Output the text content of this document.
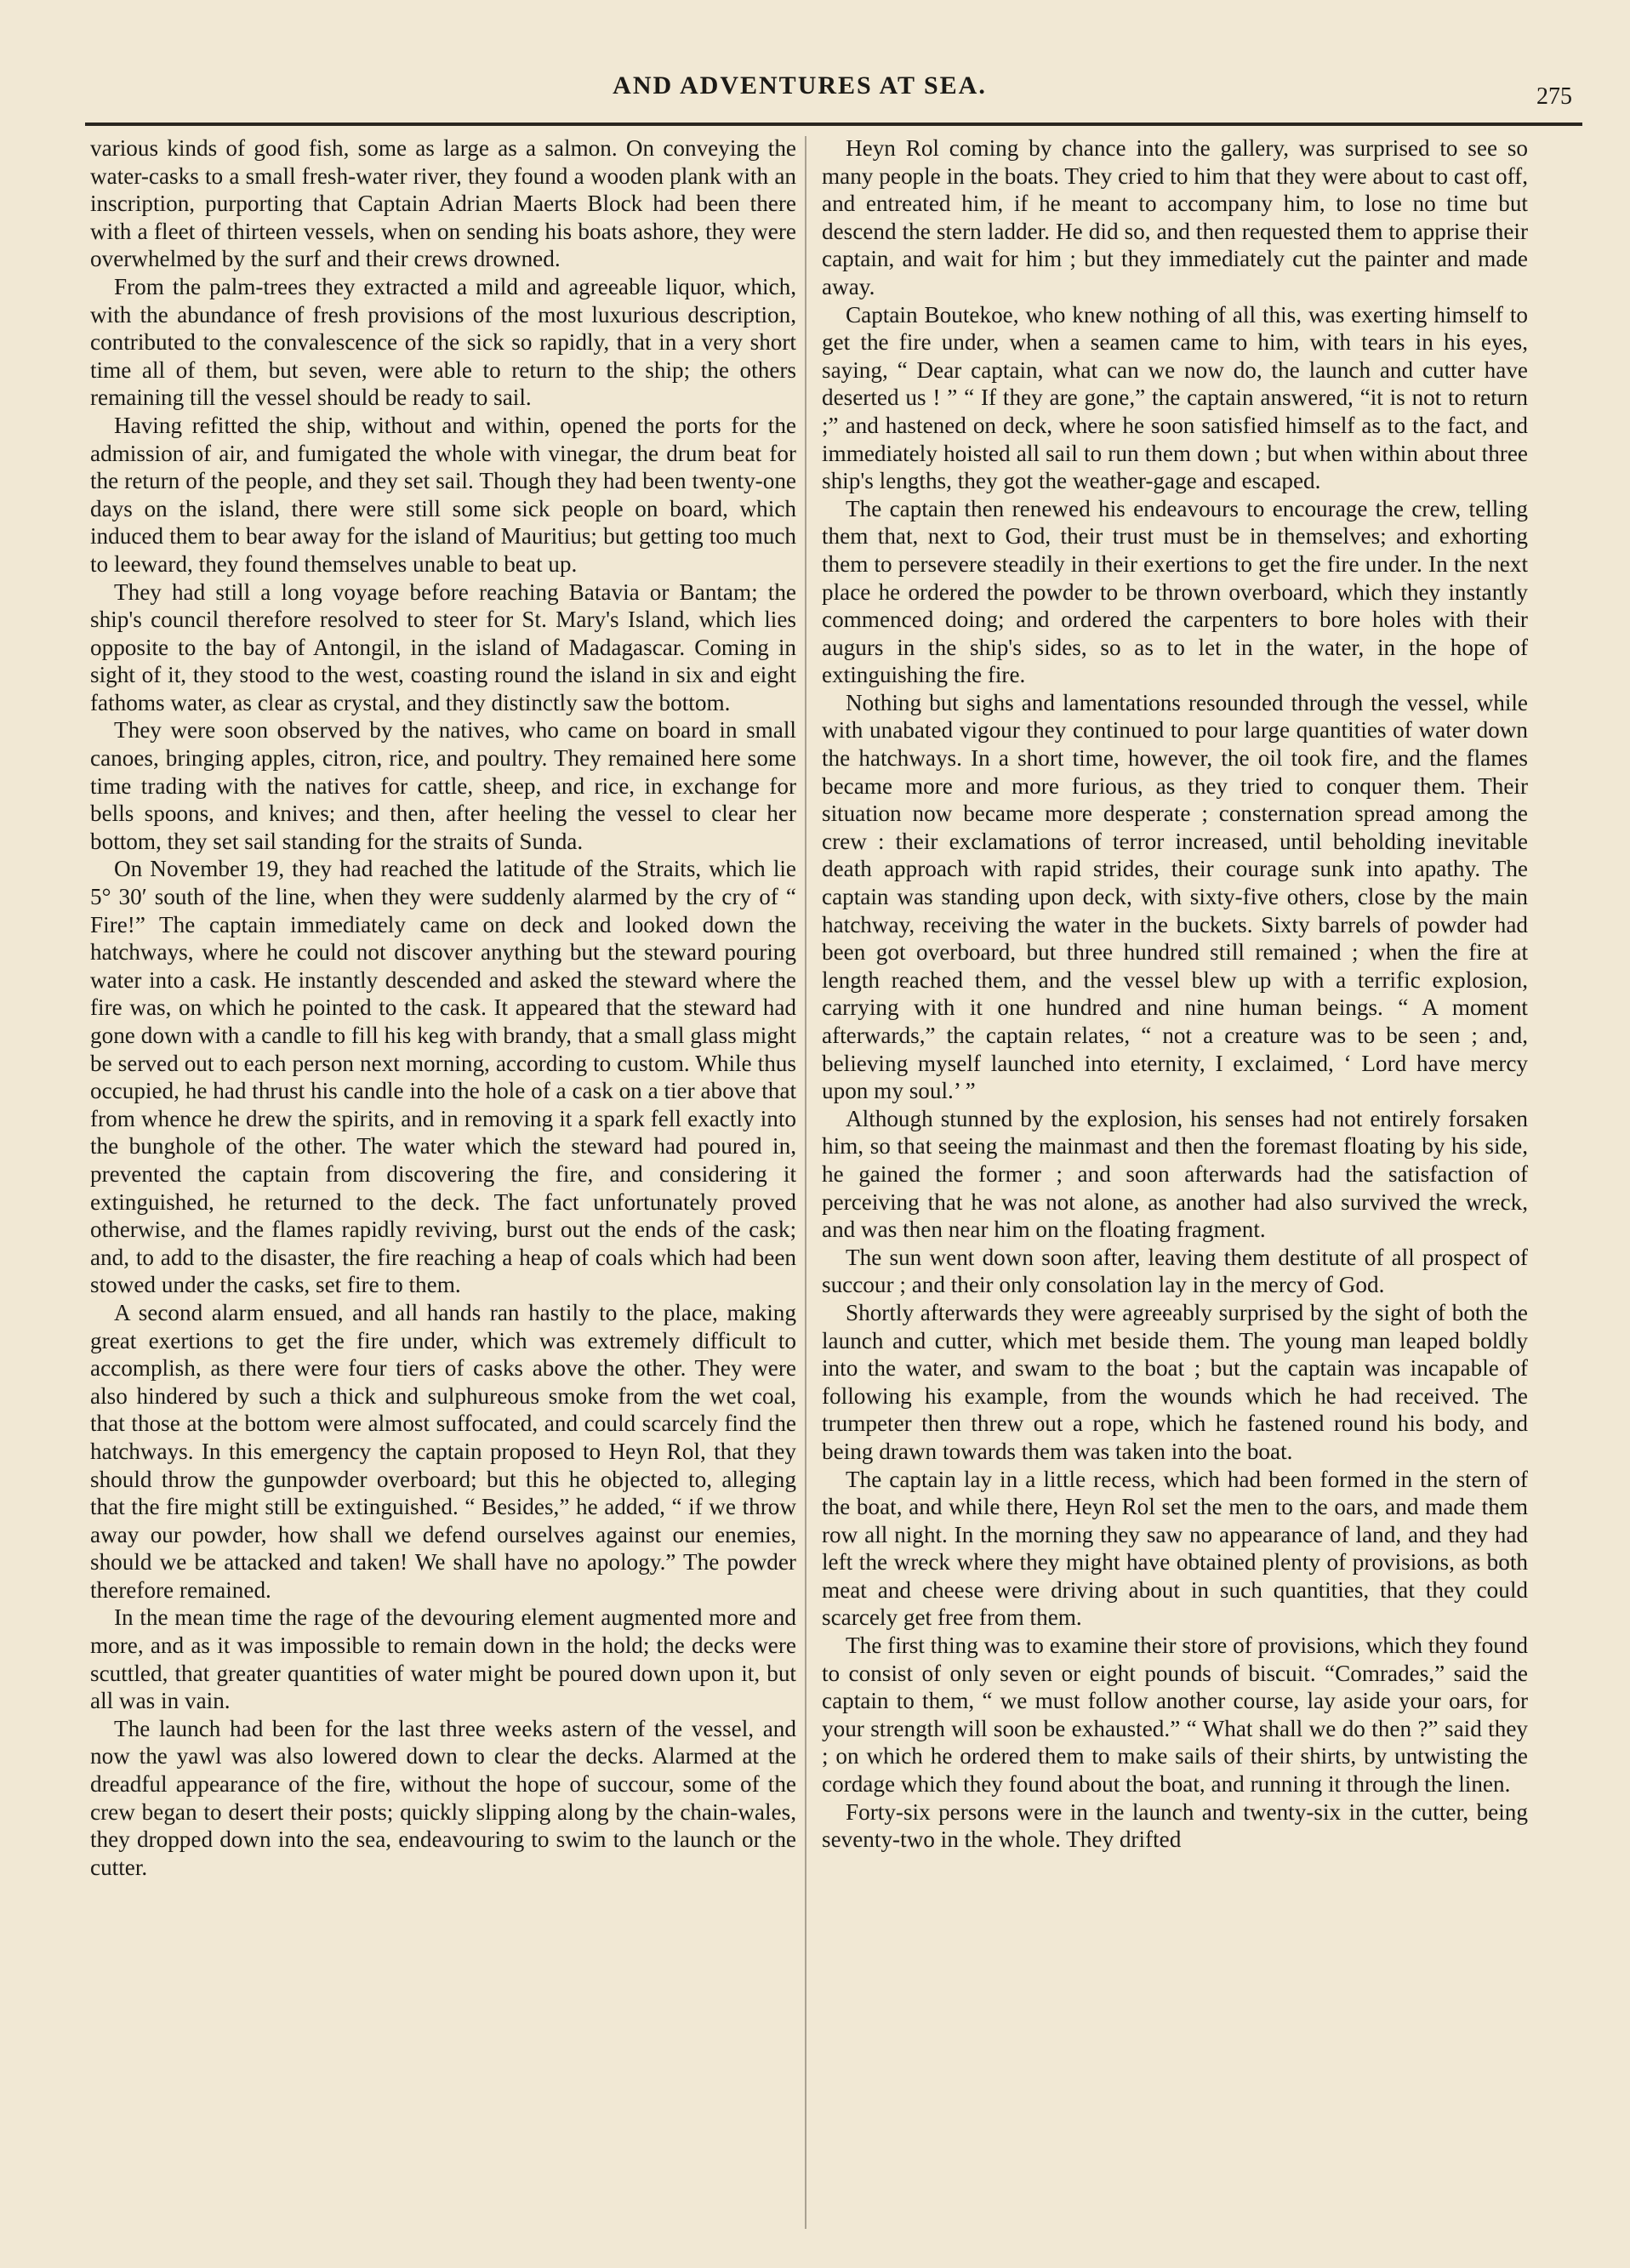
AND ADVENTURES AT SEA.	275

various kinds of good fish, some as large as a salmon. On conveying the water-casks to a small fresh-water river, they found a wooden plank with an inscription, purporting that Captain Adrian Maerts Block had been there with a fleet of thirteen vessels, when on sending his boats ashore, they were overwhelmed by the surf and their crews drowned.

From the palm-trees they extracted a mild and agreeable liquor, which, with the abundance of fresh provisions of the most luxurious description, contributed to the convalescence of the sick so rapidly, that in a very short time all of them, but seven, were able to return to the ship; the others remaining till the vessel should be ready to sail.

Having refitted the ship, without and within, opened the ports for the admission of air, and fumigated the whole with vinegar, the drum beat for the return of the people, and they set sail. Though they had been twenty-one days on the island, there were still some sick people on board, which induced them to bear away for the island of Mauritius; but getting too much to leeward, they found themselves unable to beat up.

They had still a long voyage before reaching Batavia or Bantam; the ship's council therefore resolved to steer for St. Mary's Island, which lies opposite to the bay of Antongil, in the island of Madagascar. Coming in sight of it, they stood to the west, coasting round the island in six and eight fathoms water, as clear as crystal, and they distinctly saw the bottom.

They were soon observed by the natives, who came on board in small canoes, bringing apples, citron, rice, and poultry. They remained here some time trading with the natives for cattle, sheep, and rice, in exchange for bells spoons, and knives; and then, after heeling the vessel to clear her bottom, they set sail standing for the straits of Sunda.

On November 19, they had reached the latitude of the Straits, which lie 5° 30′ south of the line, when they were suddenly alarmed by the cry of “ Fire!” The captain immediately came on deck and looked down the hatchways, where he could not discover anything but the steward pouring water into a cask. He instantly descended and asked the steward where the fire was, on which he pointed to the cask. It appeared that the steward had gone down with a candle to fill his keg with brandy, that a small glass might be served out to each person next morning, according to custom. While thus occupied, he had thrust his candle into the hole of a cask on a tier above that from whence he drew the spirits, and in removing it a spark fell exactly into the bunghole of the other. The water which the steward had poured in, prevented the captain from discovering the fire, and considering it extinguished, he returned to the deck. The fact unfortunately proved otherwise, and the flames rapidly reviving, burst out the ends of the cask; and, to add to the disaster, the fire reaching a heap of coals which had been stowed under the casks, set fire to them.

A second alarm ensued, and all hands ran hastily to the place, making great exertions to get the fire under, which was extremely difficult to accomplish, as there were four tiers of casks above the other. They were also hindered by such a thick and sulphureous smoke from the wet coal, that those at the bottom were almost suffocated, and could scarcely find the hatchways. In this emergency the captain proposed to Heyn Rol, that they should throw the gunpowder overboard; but this he objected to, alleging that the fire might still be extinguished. “ Besides,” he added, “ if we throw away our powder, how shall we defend ourselves against our enemies, should we be attacked and taken! We shall have no apology.” The powder therefore remained.

In the mean time the rage of the devouring element augmented more and more, and as it was impossible to remain down in the hold; the decks were scuttled, that greater quantities of water might be poured down upon it, but all was in vain.

The launch had been for the last three weeks astern of the vessel, and now the yawl was also lowered down to clear the decks. Alarmed at the dreadful appearance of the fire, without the hope of succour, some of the crew began to desert their posts; quickly slipping along by the chain-wales, they dropped down into the sea, endeavouring to swim to the launch or the cutter.

Heyn Rol coming by chance into the gallery, was surprised to see so many people in the boats. They cried to him that they were about to cast off, and entreated him, if he meant to accompany him, to lose no time but descend the stern ladder. He did so, and then requested them to apprise their captain, and wait for him ; but they immediately cut the painter and made away.

Captain Boutekoe, who knew nothing of all this, was exerting himself to get the fire under, when a seamen came to him, with tears in his eyes, saying, “ Dear captain, what can we now do, the launch and cutter have deserted us ! ” “ If they are gone,” the captain answered, “it is not to return ;” and hastened on deck, where he soon satisfied himself as to the fact, and immediately hoisted all sail to run them down ; but when within about three ship's lengths, they got the weather-gage and escaped.

The captain then renewed his endeavours to encourage the crew, telling them that, next to God, their trust must be in themselves; and exhorting them to persevere steadily in their exertions to get the fire under. In the next place he ordered the powder to be thrown overboard, which they instantly commenced doing; and ordered the carpenters to bore holes with their augurs in the ship's sides, so as to let in the water, in the hope of extinguishing the fire.

Nothing but sighs and lamentations resounded through the vessel, while with unabated vigour they continued to pour large quantities of water down the hatchways. In a short time, however, the oil took fire, and the flames became more and more furious, as they tried to conquer them. Their situation now became more desperate ; consternation spread among the crew : their exclamations of terror increased, until beholding inevitable death approach with rapid strides, their courage sunk into apathy. The captain was standing upon deck, with sixty-five others, close by the main hatchway, receiving the water in the buckets. Sixty barrels of powder had been got overboard, but three hundred still remained ; when the fire at length reached them, and the vessel blew up with a terrific explosion, carrying with it one hundred and nine human beings. “ A moment afterwards,” the captain relates, “ not a creature was to be seen ; and, believing myself launched into eternity, I exclaimed, ‘ Lord have mercy upon my soul.’ ”

Although stunned by the explosion, his senses had not entirely forsaken him, so that seeing the mainmast and then the foremast floating by his side, he gained the former ; and soon afterwards had the satisfaction of perceiving that he was not alone, as another had also survived the wreck, and was then near him on the floating fragment.

The sun went down soon after, leaving them destitute of all prospect of succour ; and their only consolation lay in the mercy of God.

Shortly afterwards they were agreeably surprised by the sight of both the launch and cutter, which met beside them. The young man leaped boldly into the water, and swam to the boat ; but the captain was incapable of following his example, from the wounds which he had received. The trumpeter then threw out a rope, which he fastened round his body, and being drawn towards them was taken into the boat.

The captain lay in a little recess, which had been formed in the stern of the boat, and while there, Heyn Rol set the men to the oars, and made them row all night. In the morning they saw no appearance of land, and they had left the wreck where they might have obtained plenty of provisions, as both meat and cheese were driving about in such quantities, that they could scarcely get free from them.

The first thing was to examine their store of provisions, which they found to consist of only seven or eight pounds of biscuit. “Comrades,” said the captain to them, “ we must follow another course, lay aside your oars, for your strength will soon be exhausted.” “ What shall we do then ?” said they ; on which he ordered them to make sails of their shirts, by untwisting the cordage which they found about the boat, and running it through the linen.

Forty-six persons were in the launch and twenty-six in the cutter, being seventy-two in the whole. They drifted
